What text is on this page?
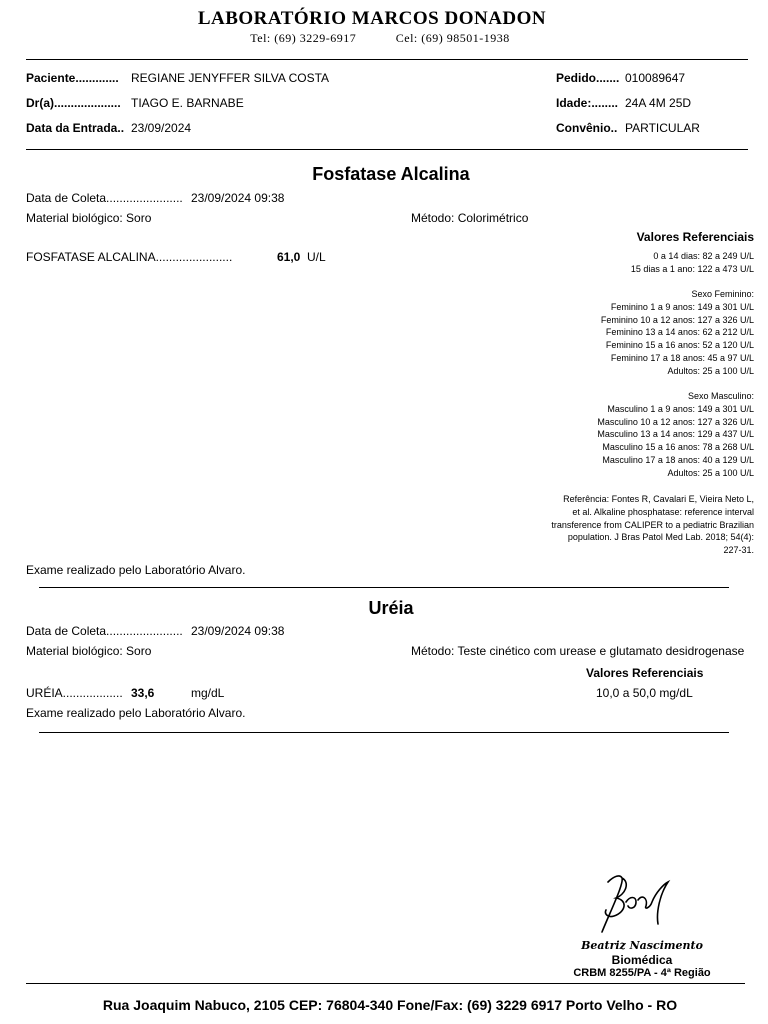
LABORATÓRIO MARCOS DONADON
Tel: (69) 3229-6917	Cel: (69) 98501-1938
Paciente............. REGIANE JENYFFER SILVA COSTA
Dr(a).................... TIAGO E. BARNABE
Data da Entrada.. 23/09/2024
Pedido....... 010089647
Idade:........ 24A 4M 25D
Convênio.. PARTICULAR
Fosfatase Alcalina
Data de Coleta....................... 23/09/2024 09:38
Material biológico: Soro	Método: Colorimétrico
Valores Referenciais
FOSFATASE ALCALINA.......................	61,0 U/L	0 a 14 dias: 82 a 249 U/L
15 dias a 1 ano: 122 a 473 U/L
Sexo Feminino:
Feminino 1 a 9 anos: 149 a 301 U/L
Feminino 10 a 12 anos: 127 a 326 U/L
Feminino 13 a 14 anos: 62 a 212 U/L
Feminino 15 a 16 anos: 52 a 120 U/L
Feminino 17 a 18 anos: 45 a 97 U/L
Adultos: 25 a 100 U/L
Sexo Masculino:
Masculino 1 a 9 anos: 149 a 301 U/L
Masculino 10 a 12 anos: 127 a 326 U/L
Masculino 13 a 14 anos: 129 a 437 U/L
Masculino 15 a 16 anos: 78 a 268 U/L
Masculino 17 a 18 anos: 40 a 129 U/L
Adultos: 25 a 100 U/L
Referência: Fontes R, Cavalari E, Vieira Neto L,
et al. Alkaline phosphatase: reference interval
transference from CALIPER to a pediatric Brazilian
population. J Bras Patol Med Lab. 2018; 54(4):
227-31.
Exame realizado pelo Laboratório Alvaro.
Uréia
Data de Coleta....................... 23/09/2024 09:38
Material biológico: Soro	Método: Teste cinético com urease e glutamato desidrogenase
Valores Referenciais
URÉIA.................. 33,6	mg/dL	10,0 a 50,0 mg/dL
Exame realizado pelo Laboratório Alvaro.
Beatriz Nascimento
Biomédica
CRBM 8255/PA - 4ª Região
Rua Joaquim Nabuco, 2105 CEP: 76804-340 Fone/Fax: (69) 3229 6917 Porto Velho - RO
